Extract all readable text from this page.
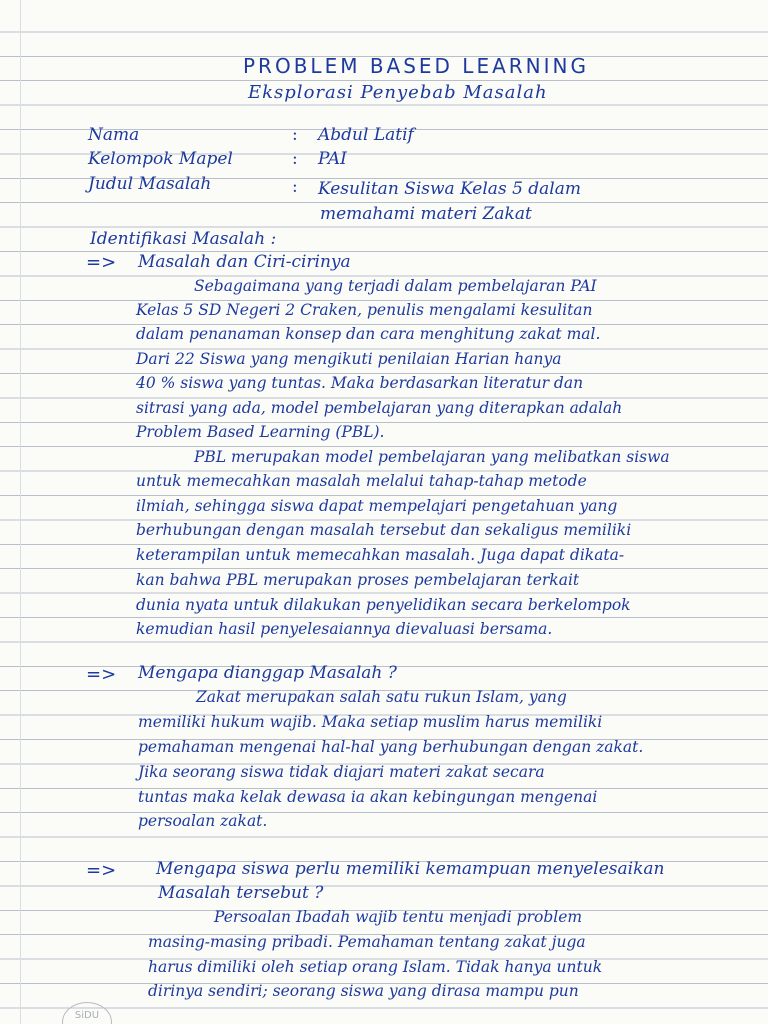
PROBLEM BASED LEARNING
Eksplorasi Penyebab Masalah
Nama	: Abdul Latif
Kelompok Mapel	: PAI
Judul Masalah	: Kesulitan Siswa Kelas 5 dalam
memahami materi Zakat
Identifikasi Masalah :
=> Masalah dan Ciri-cirinya
Sebagaimana yang terjadi dalam pembelajaran PAI
Kelas 5 SD Negeri 2 Craken, penulis mengalami kesulitan
dalam penanaman konsep dan cara menghitung zakat mal.
Dari 22 Siswa yang mengikuti penilaian Harian hanya
40 % siswa yang tuntas. Maka berdasarkan literatur dan
sitrasi yang ada, model pembelajaran yang diterapkan adalah
Problem Based Learning (PBL).
PBL merupakan model pembelajaran yang melibatkan siswa
untuk memecahkan masalah melalui tahap-tahap metode
ilmiah, sehingga siswa dapat mempelajari pengetahuan yang
berhubungan dengan masalah tersebut dan sekaligus memiliki
keterampilan untuk memecahkan masalah. Juga dapat dikata-
kan bahwa PBL merupakan proses pembelajaran terkait
dunia nyata untuk dilakukan penyelidikan secara berkelompok
kemudian hasil penyelesaiannya dievaluasi bersama.
=> Mengapa dianggap Masalah ?
Zakat merupakan salah satu rukun Islam, yang
memiliki hukum wajib. Maka setiap muslim harus memiliki
pemahaman mengenai hal-hal yang berhubungan dengan zakat.
Jika seorang siswa tidak diajari materi zakat secara
tuntas maka kelak dewasa ia akan kebingungan mengenai
persoalan zakat.
=> Mengapa siswa perlu memiliki kemampuan menyelesaikan
Masalah tersebut ?
Persoalan Ibadah wajib tentu menjadi problem
masing-masing pribadi. Pemahaman tentang zakat juga
harus dimiliki oleh setiap orang Islam. Tidak hanya untuk
dirinya sendiri; seorang siswa yang dirasa mampu pun
SiDU
